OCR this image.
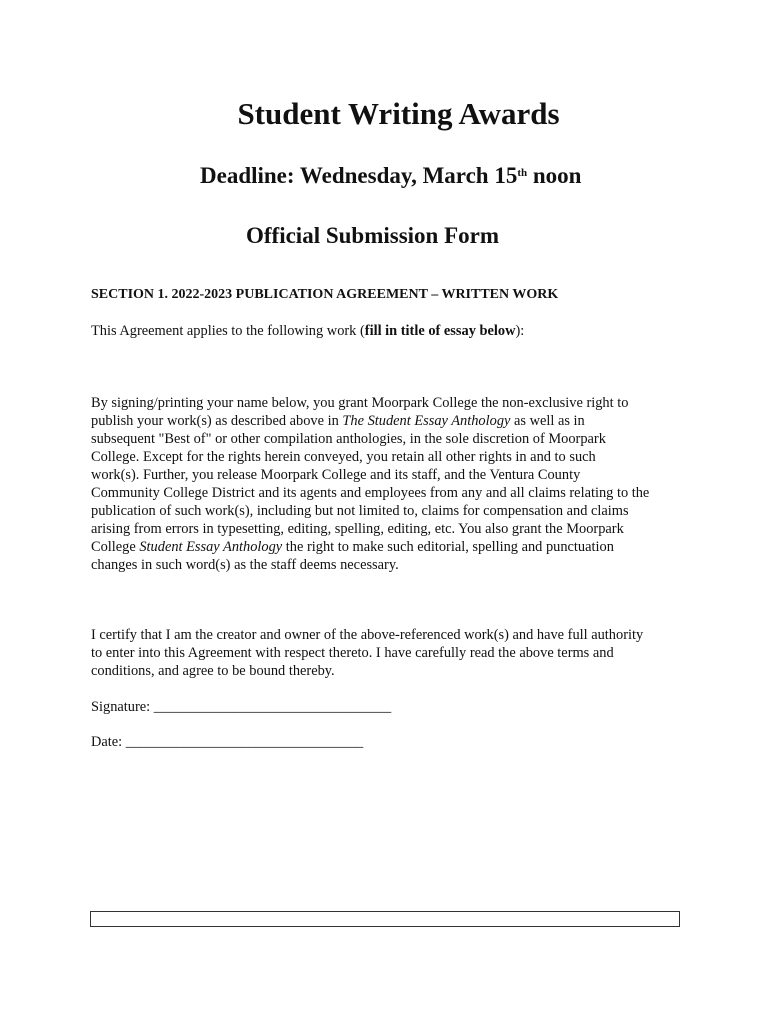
Student Writing Awards
Deadline: Wednesday, March 15th noon
Official Submission Form
SECTION 1. 2022-2023 PUBLICATION AGREEMENT – WRITTEN WORK
This Agreement applies to the following work (fill in title of essay below):
By signing/printing your name below, you grant Moorpark College the non-exclusive right to
publish your work(s) as described above in The Student Essay Anthology as well as in
subsequent "Best of" or other compilation anthologies, in the sole discretion of Moorpark
College. Except for the rights herein conveyed, you retain all other rights in and to such
work(s). Further, you release Moorpark College and its staff, and the Ventura County
Community College District and its agents and employees from any and all claims relating to the
publication of such work(s), including but not limited to, claims for compensation and claims
arising from errors in typesetting, editing, spelling, editing, etc. You also grant the Moorpark
College Student Essay Anthology the right to make such editorial, spelling and punctuation
changes in such word(s) as the staff deems necessary.
I certify that I am the creator and owner of the above-referenced work(s) and have full authority
to enter into this Agreement with respect thereto. I have carefully read the above terms and
conditions, and agree to be bound thereby.
Signature: _________________________________
Date: _________________________________
